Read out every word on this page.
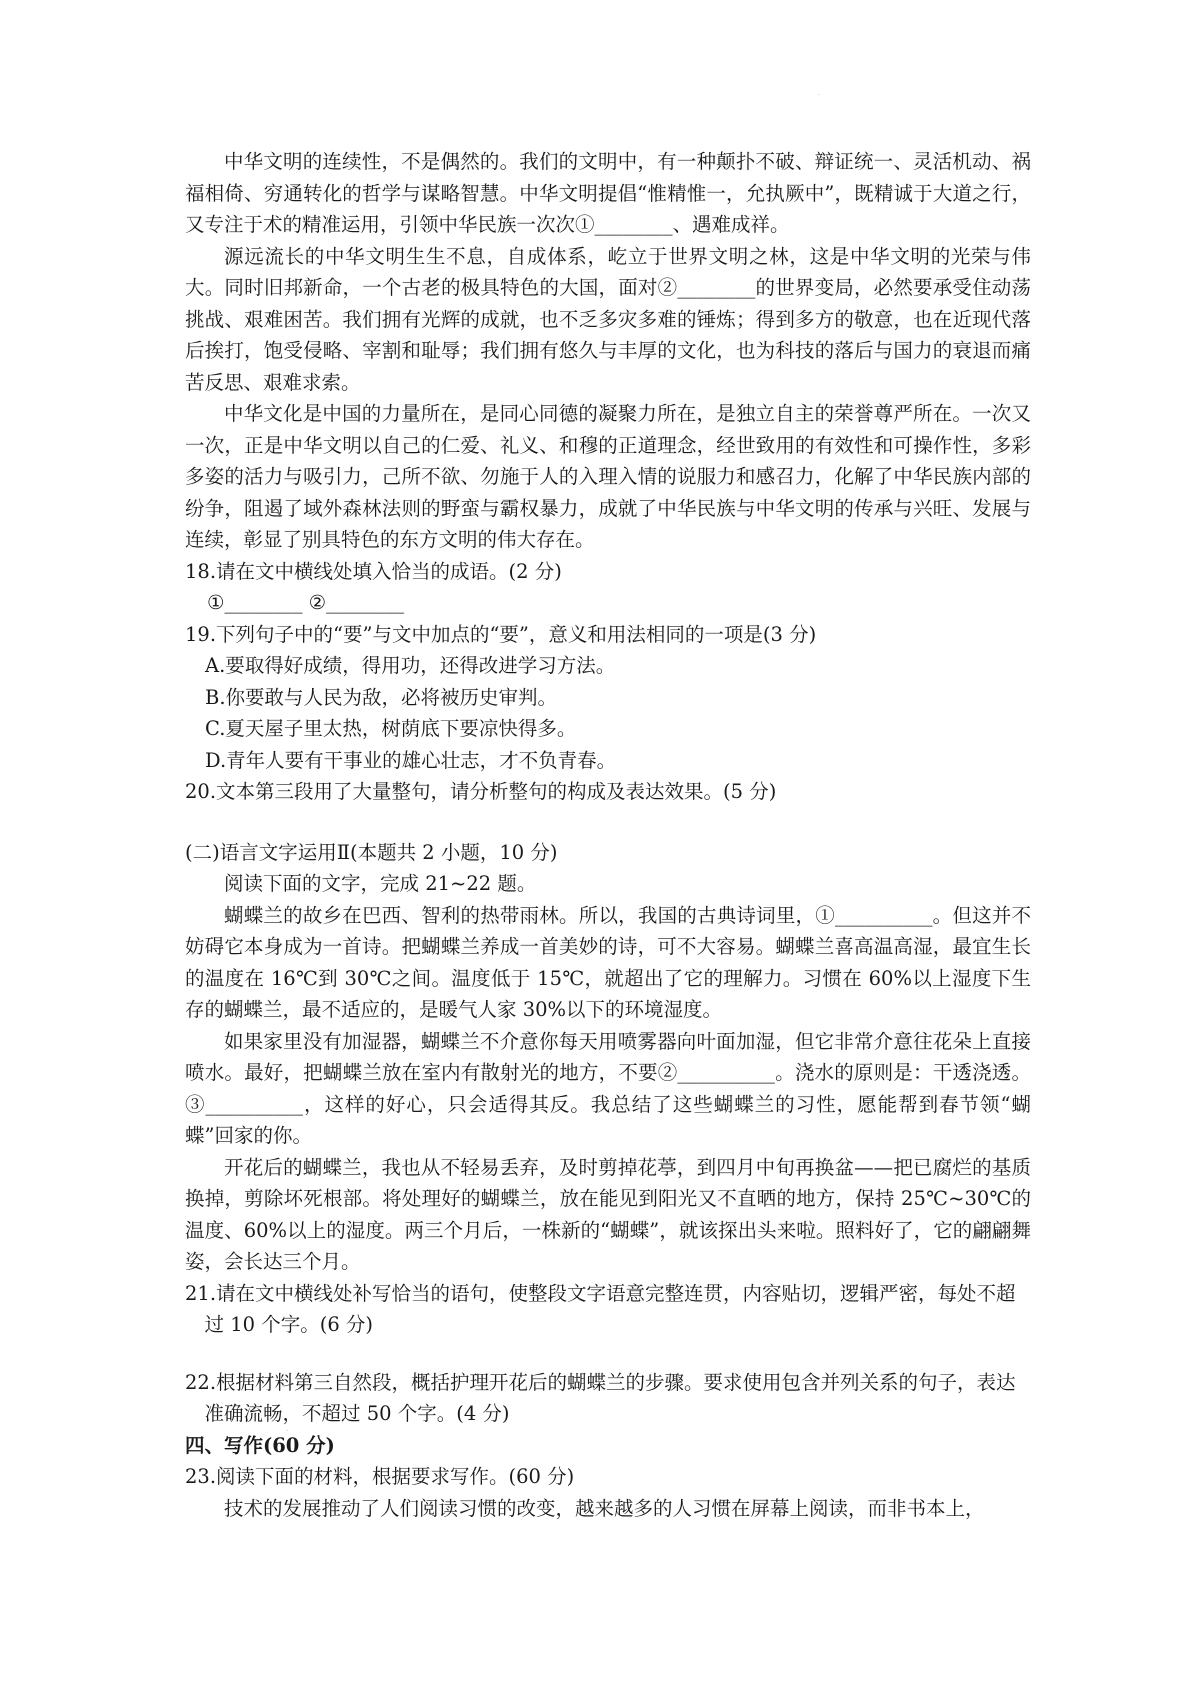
·
·

中华文明的连续性，不是偶然的。我们的文明中，有一种颠扑不破、辩证统一、灵活机动、祸福相倚、穷通转化的哲学与谋略智慧。中华文明提倡“惟精惟一，允执厥中”，既精诚于大道之行，又专注于术的精准运用，引领中华民族一次次①________、遇难成祥。

源远流长的中华文明生生不息，自成体系，屹立于世界文明之林，这是中华文明的光荣与伟大。同时旧邦新命，一个古老的极具特色的大国，面对②________的世界变局，必然要承受住动荡挑战、艰难困苦。我们拥有光辉的成就，也不乏多灾多难的锤炼；得到多方的敬意，也在近现代落后挨打，饱受侵略、宰割和耻辱；我们拥有悠久与丰厚的文化，也为科技的落后与国力的衰退而痛苦反思、艰难求索。

中华文化是中国的力量所在，是同心同德的凝聚力所在，是独立自主的荣誉尊严所在。一次又一次，正是中华文明以自己的仁爱、礼义、和穆的正道理念，经世致用的有效性和可操作性，多彩多姿的活力与吸引力，己所不欲、勿施于人的入理入情的说服力和感召力，化解了中华民族内部的纷争，阻遏了域外森林法则的野蛮与霸权暴力，成就了中华民族与中华文明的传承与兴旺、发展与连续，彰显了别具特色的东方文明的伟大存在。

18.请在文中横线处填入恰当的成语。(2 分)

①________ ②________

19.下列句子中的“要”与文中加点的“要”，意义和用法相同的一项是(3 分)

A.要取得好成绩，得用功，还得改进学习方法。

B.你要敢与人民为敌，必将被历史审判。

C.夏天屋子里太热，树荫底下要凉快得多。

D.青年人要有干事业的雄心壮志，才不负青春。

20.文本第三段用了大量整句，请分析整句的构成及表达效果。(5 分)

(二)语言文字运用Ⅱ(本题共 2 小题，10 分)

阅读下面的文字，完成 21~22 题。

蝴蝶兰的故乡在巴西、智利的热带雨林。所以，我国的古典诗词里，①__________。但这并不妨碍它本身成为一首诗。把蝴蝶兰养成一首美妙的诗，可不大容易。蝴蝶兰喜高温高湿，最宜生长的温度在 16℃到 30℃之间。温度低于 15℃，就超出了它的理解力。习惯在 60%以上湿度下生存的蝴蝶兰，最不适应的，是暖气人家 30%以下的环境湿度。

如果家里没有加湿器，蝴蝶兰不介意你每天用喷雾器向叶面加湿，但它非常介意往花朵上直接喷水。最好，把蝴蝶兰放在室内有散射光的地方，不要②__________。浇水的原则是：干透浇透。③__________，这样的好心，只会适得其反。我总结了这些蝴蝶兰的习性，愿能帮到春节领“蝴蝶”回家的你。

开花后的蝴蝶兰，我也从不轻易丢弃，及时剪掉花葶，到四月中旬再换盆——把已腐烂的基质换掉，剪除坏死根部。将处理好的蝴蝶兰，放在能见到阳光又不直晒的地方，保持 25℃~30℃的温度、60%以上的湿度。两三个月后，一株新的“蝴蝶”，就该探出头来啦。照料好了，它的翩翩舞姿，会长达三个月。

21.请在文中横线处补写恰当的语句，使整段文字语意完整连贯，内容贴切，逻辑严密，每处不超过 10 个字。(6 分)

22.根据材料第三自然段，概括护理开花后的蝴蝶兰的步骤。要求使用包含并列关系的句子，表达准确流畅，不超过 50 个字。(4 分)

四、写作(60 分)

23.阅读下面的材料，根据要求写作。(60 分)

技术的发展推动了人们阅读习惯的改变，越来越多的人习惯在屏幕上阅读，而非书本上，
